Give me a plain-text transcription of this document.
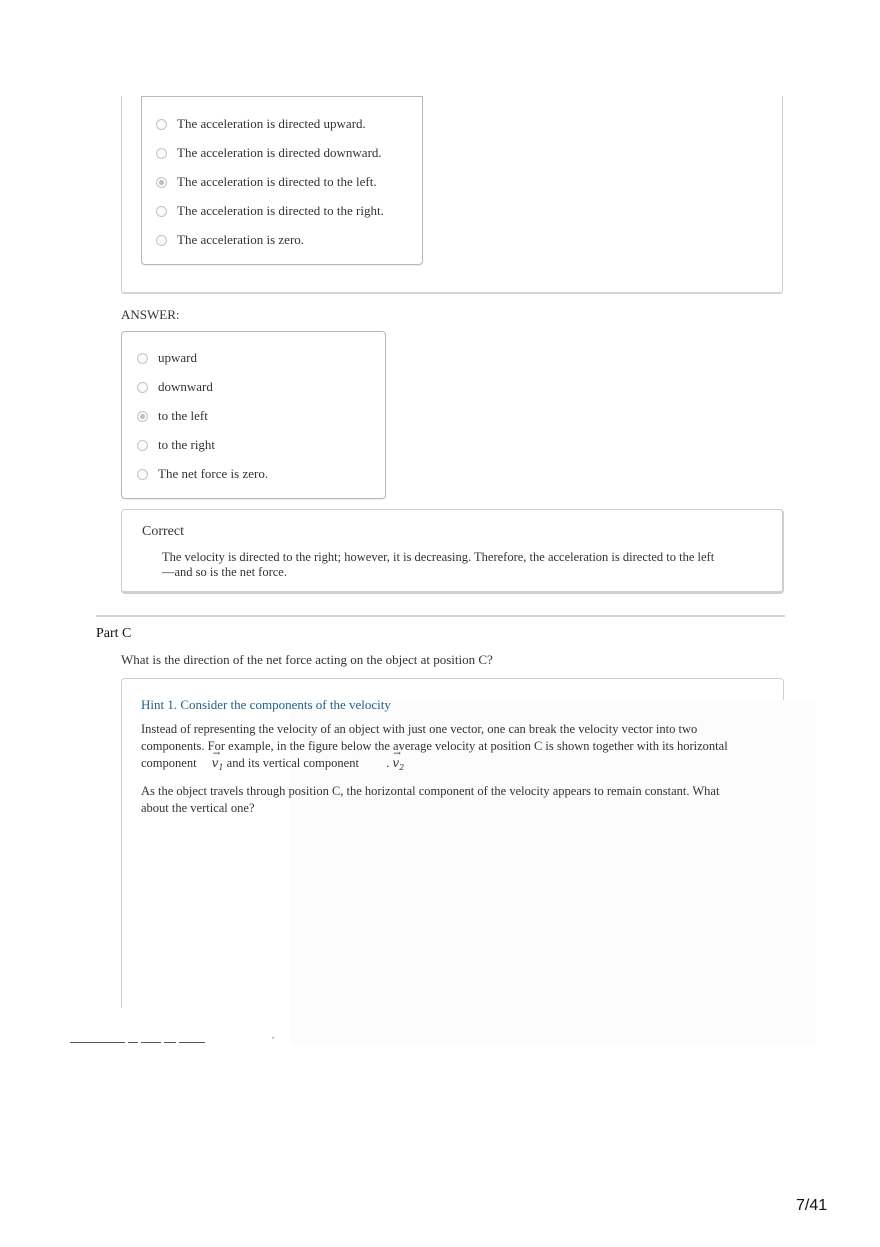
The acceleration is directed upward.
The acceleration is directed downward.
The acceleration is directed to the left.
The acceleration is directed to the right.
The acceleration is zero.
ANSWER:
upward
downward
to the left
to the right
The net force is zero.
Correct
The velocity is directed to the right; however, it is decreasing. Therefore, the acceleration is directed to the left —and so is the net force.
Part C
What is the direction of the net force acting on the object at position C?
Hint 1. Consider the components of the velocity
Instead of representing the velocity of an object with just one vector, one can break the velocity vector into two components. For example, in the figure below the average velocity at position C is shown together with its horizontal component → $v_1$ and its vertical component . → $v_2$
As the object travels through position C, the horizontal component of the velocity appears to remain constant. What about the vertical one?
''
7/41
